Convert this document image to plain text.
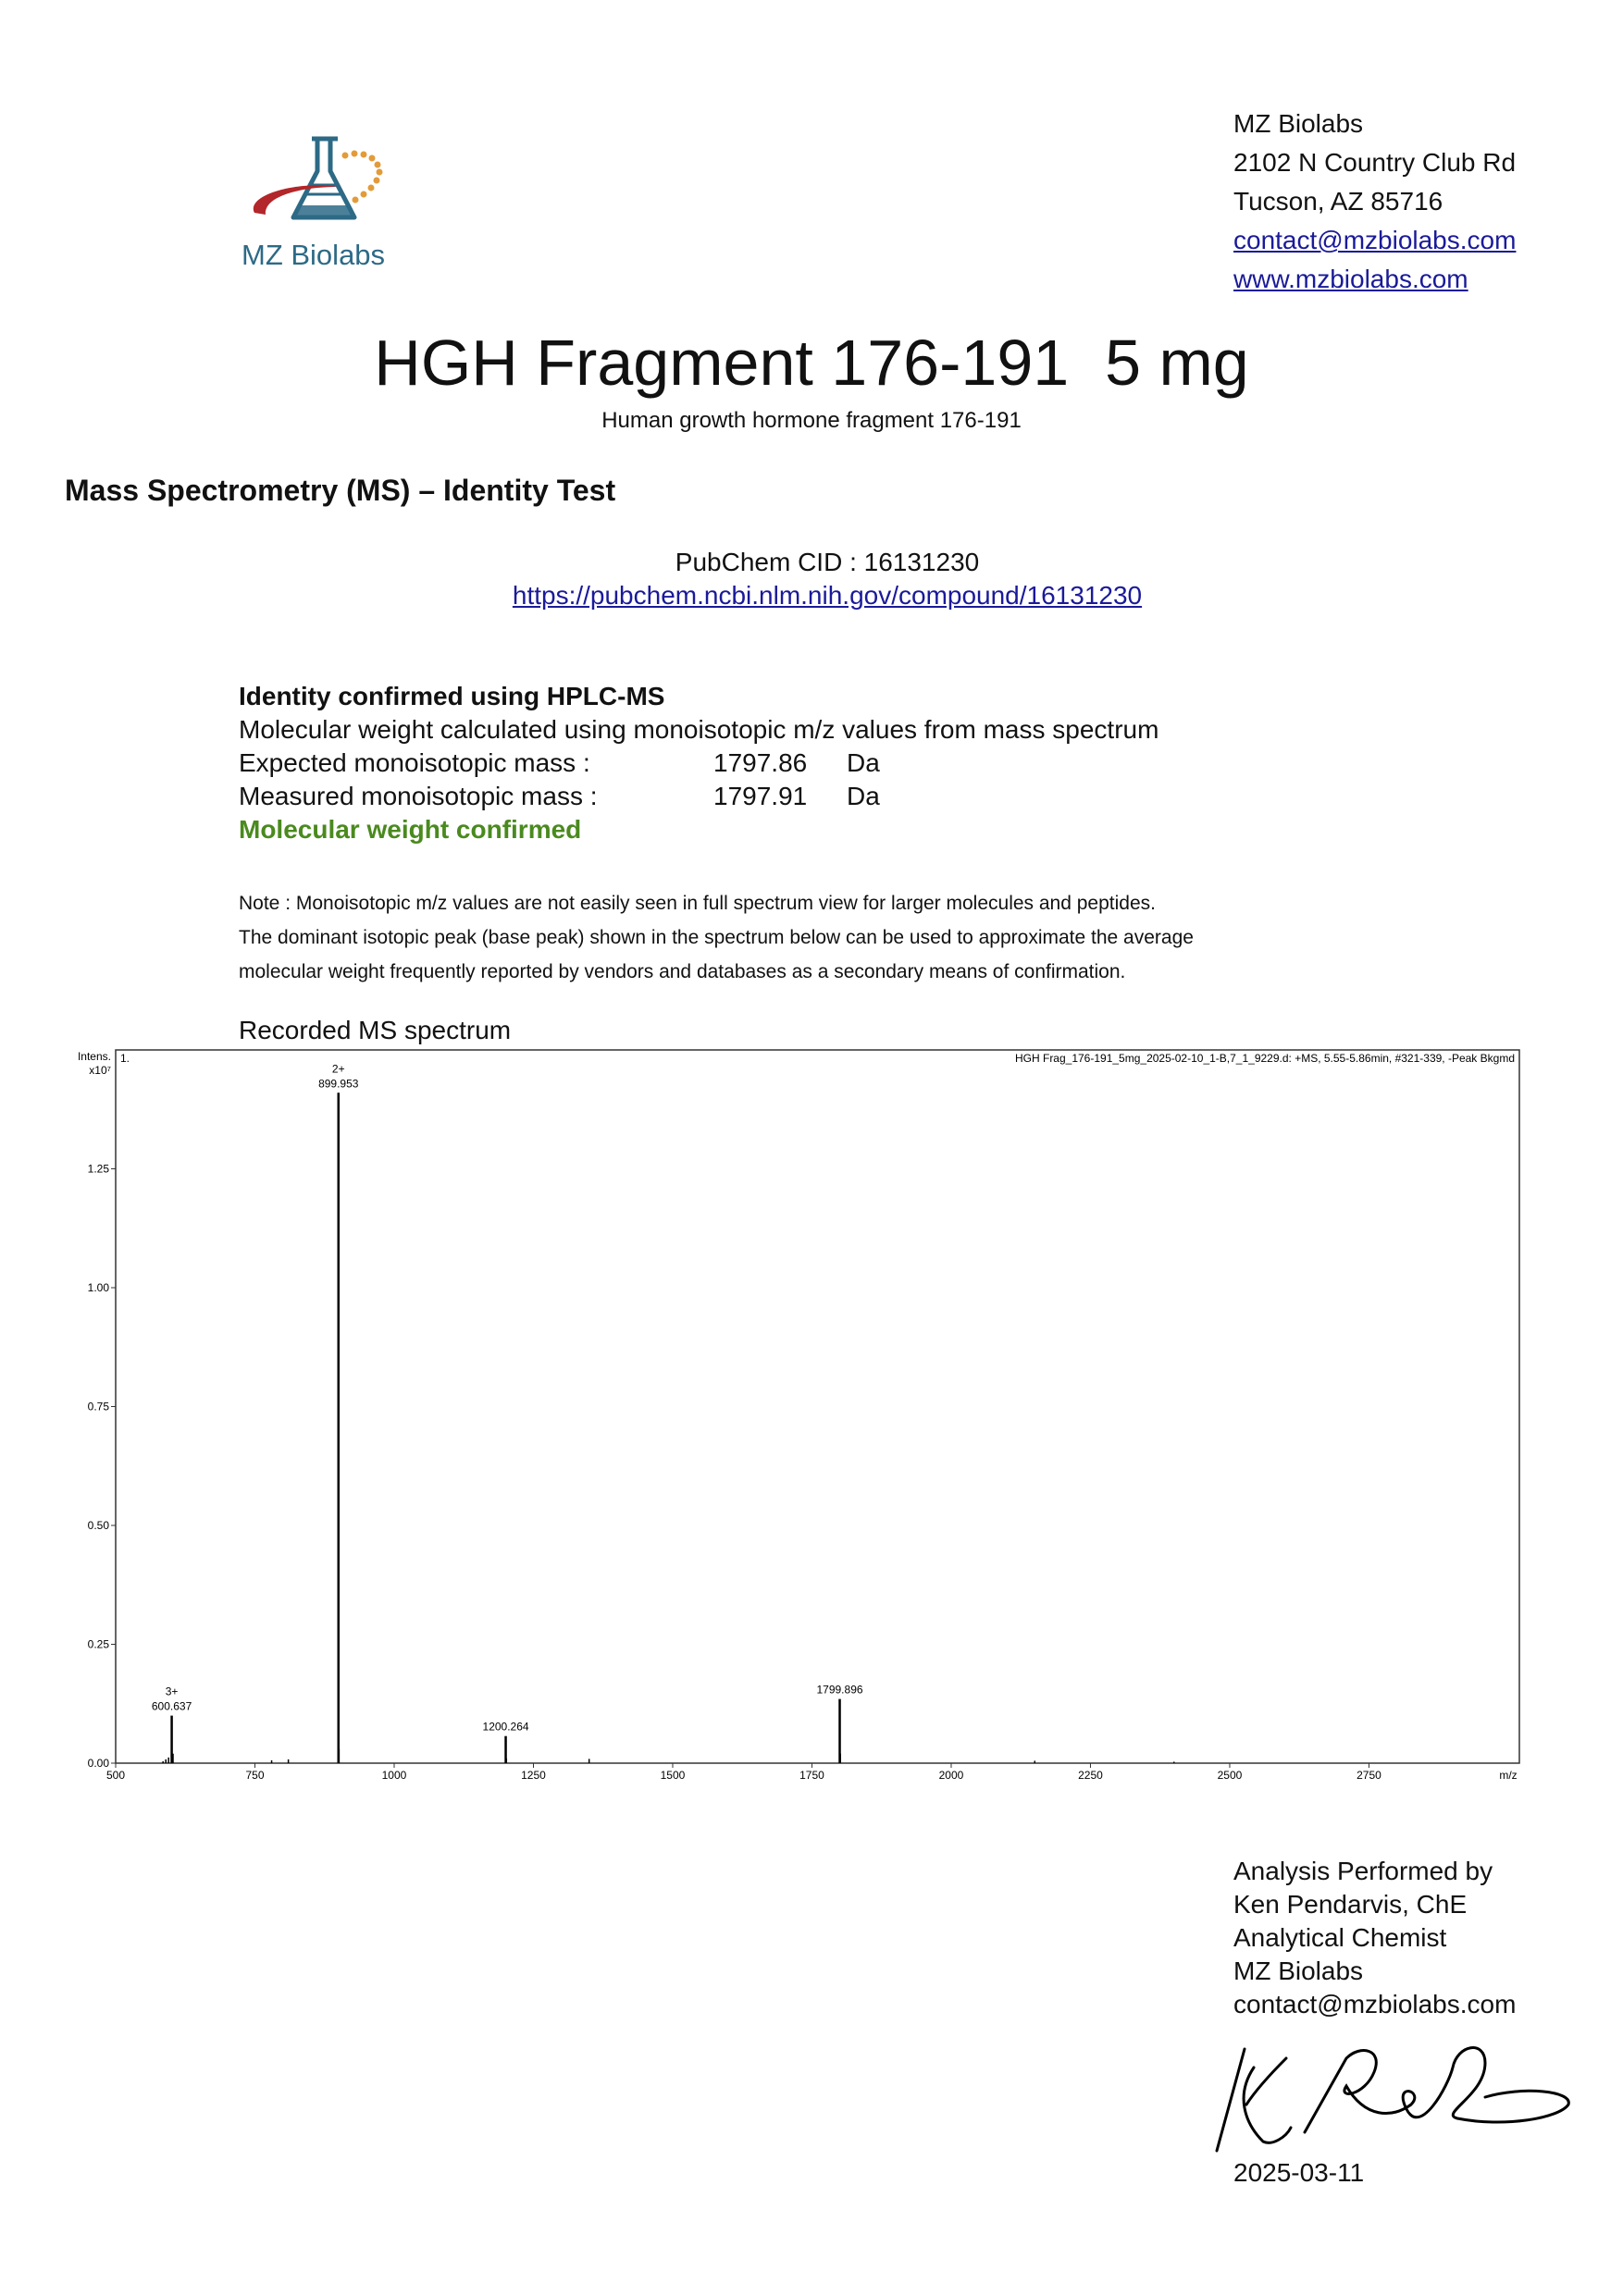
MZ Biolabs
MZ Biolabs
2102 N Country Club Rd
Tucson, AZ 85716
contact@mzbiolabs.com
www.mzbiolabs.com
HGH Fragment 176-191  5 mg
Human growth hormone fragment 176-191
Mass Spectrometry (MS) – Identity Test
PubChem CID : 16131230
https://pubchem.ncbi.nlm.nih.gov/compound/16131230
Identity confirmed using HPLC-MS
Molecular weight calculated using monoisotopic m/z values from mass spectrum
Expected monoisotopic mass :	1797.86 Da
Measured monoisotopic mass :	1797.91 Da
Molecular weight confirmed
Note : Monoisotopic m/z values are not easily seen in full spectrum view for larger molecules and peptides.
The dominant isotopic peak (base peak) shown in the spectrum below can be used to approximate the average
molecular weight frequently reported by vendors and databases as a secondary means of confirmation.
Recorded MS spectrum
Intens.
x10⁷
1.	HGH Frag_176-191_5mg_2025-02-10_1-B,7_1_9229.d: +MS, 5.55-5.86min, #321-339, -Peak Bkgmd
m/z
500	750	1000	1250	1500	1750	2000	2250	2500	2750
0.00
0.25
0.50
0.75
1.00
1.25
600.637
3+
899.953
2+
1200.264
1799.896
Analysis Performed by
Ken Pendarvis, ChE
Analytical Chemist
MZ Biolabs
contact@mzbiolabs.com
2025-03-11
